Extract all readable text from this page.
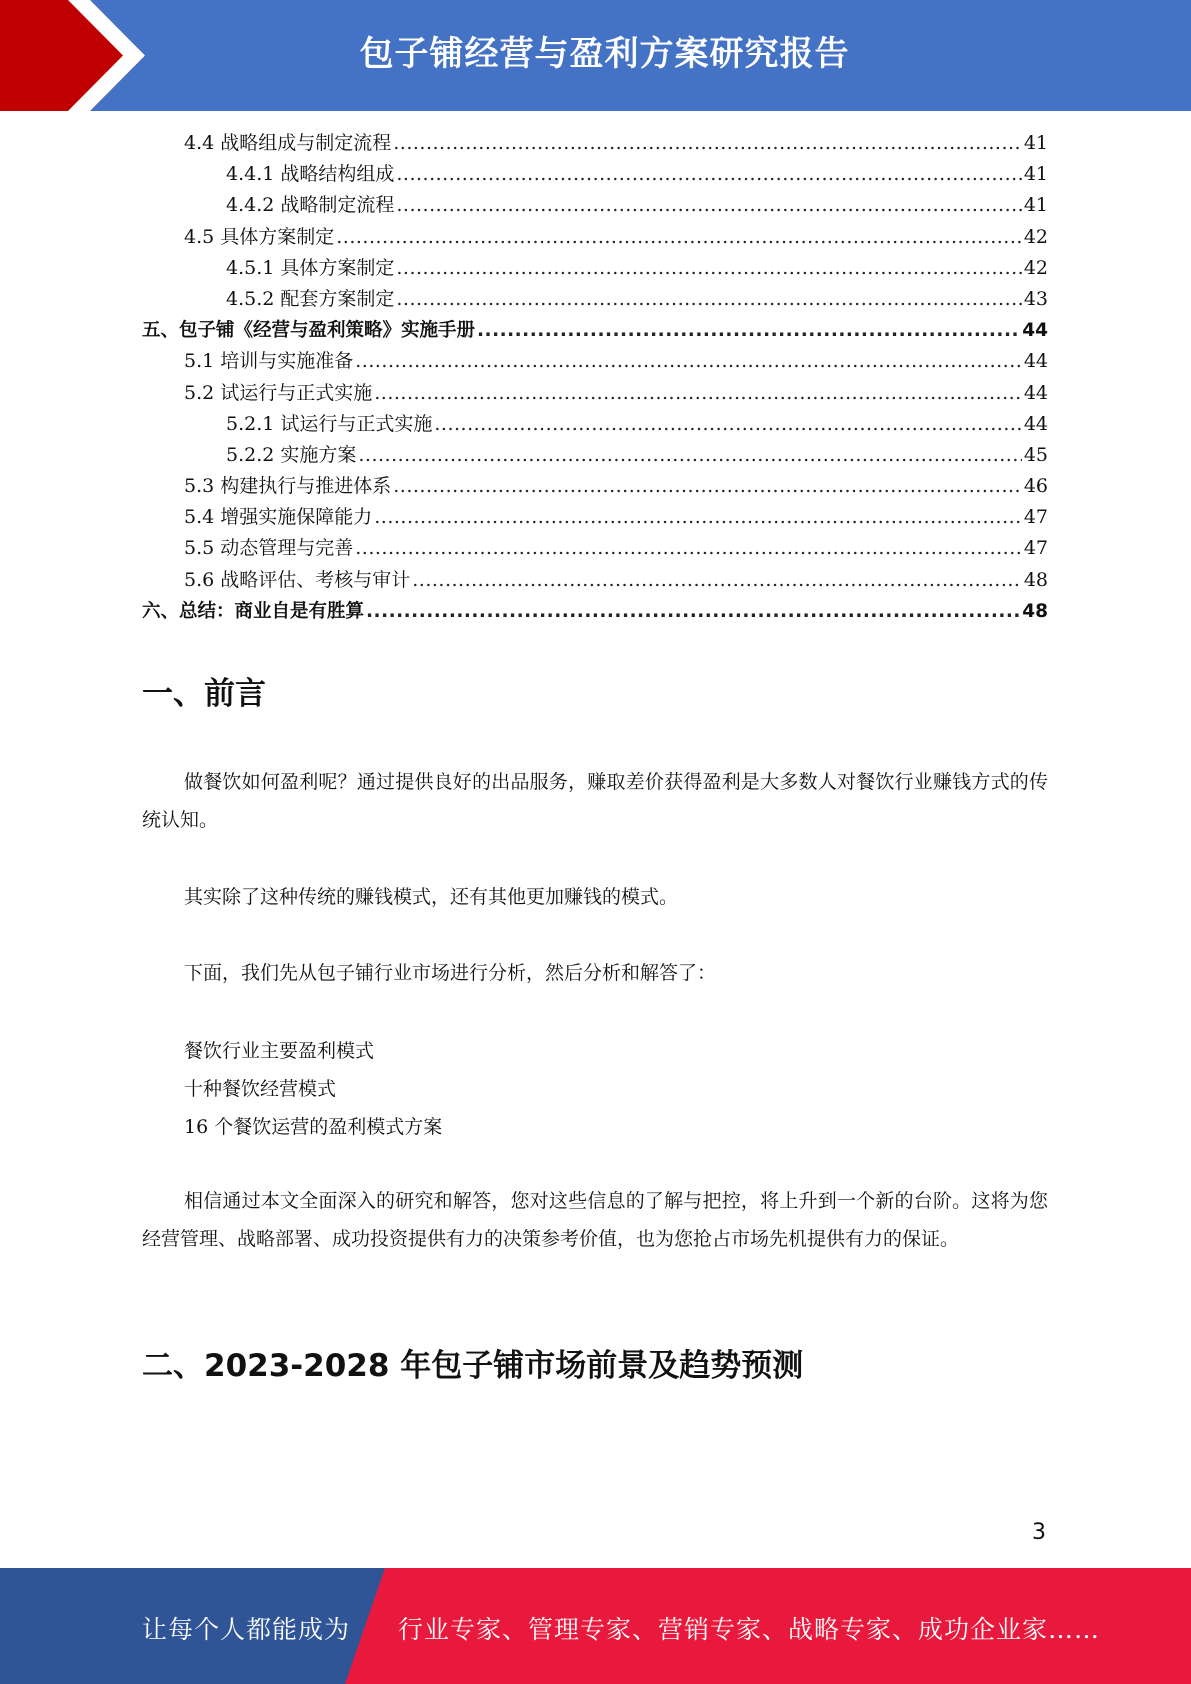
包子铺经营与盈利方案研究报告
4.4 战略组成与制定流程 .....	41
4.4.1 战略结构组成 .....	41
4.4.2 战略制定流程 .....	41
4.5 具体方案制定 .....	42
4.5.1 具体方案制定 .....	42
4.5.2 配套方案制定 .....	43
五、包子铺《经营与盈利策略》实施手册 .....	44
5.1 培训与实施准备 .....	44
5.2 试运行与正式实施 .....	44
5.2.1 试运行与正式实施 .....	44
5.2.2 实施方案 .....	45
5.3 构建执行与推进体系 .....	46
5.4 增强实施保障能力 .....	47
5.5 动态管理与完善 .....	47
5.6 战略评估、考核与审计 .....	48
六、总结：商业自是有胜算 .....	48
一、前言

做餐饮如何盈利呢？通过提供良好的出品服务，赚取差价获得盈利是大多数人对餐饮行业赚钱方式的传统认知。

其实除了这种传统的赚钱模式，还有其他更加赚钱的模式。

下面，我们先从包子铺行业市场进行分析，然后分析和解答了：

餐饮行业主要盈利模式

十种餐饮经营模式

16 个餐饮运营的盈利模式方案

相信通过本文全面深入的研究和解答，您对这些信息的了解与把控，将上升到一个新的台阶。这将为您经营管理、战略部署、成功投资提供有力的决策参考价值，也为您抢占市场先机提供有力的保证。

二、2023-2028 年包子铺市场前景及趋势预测
3
让每个人都能成为 行业专家、管理专家、营销专家、战略专家、成功企业家……
